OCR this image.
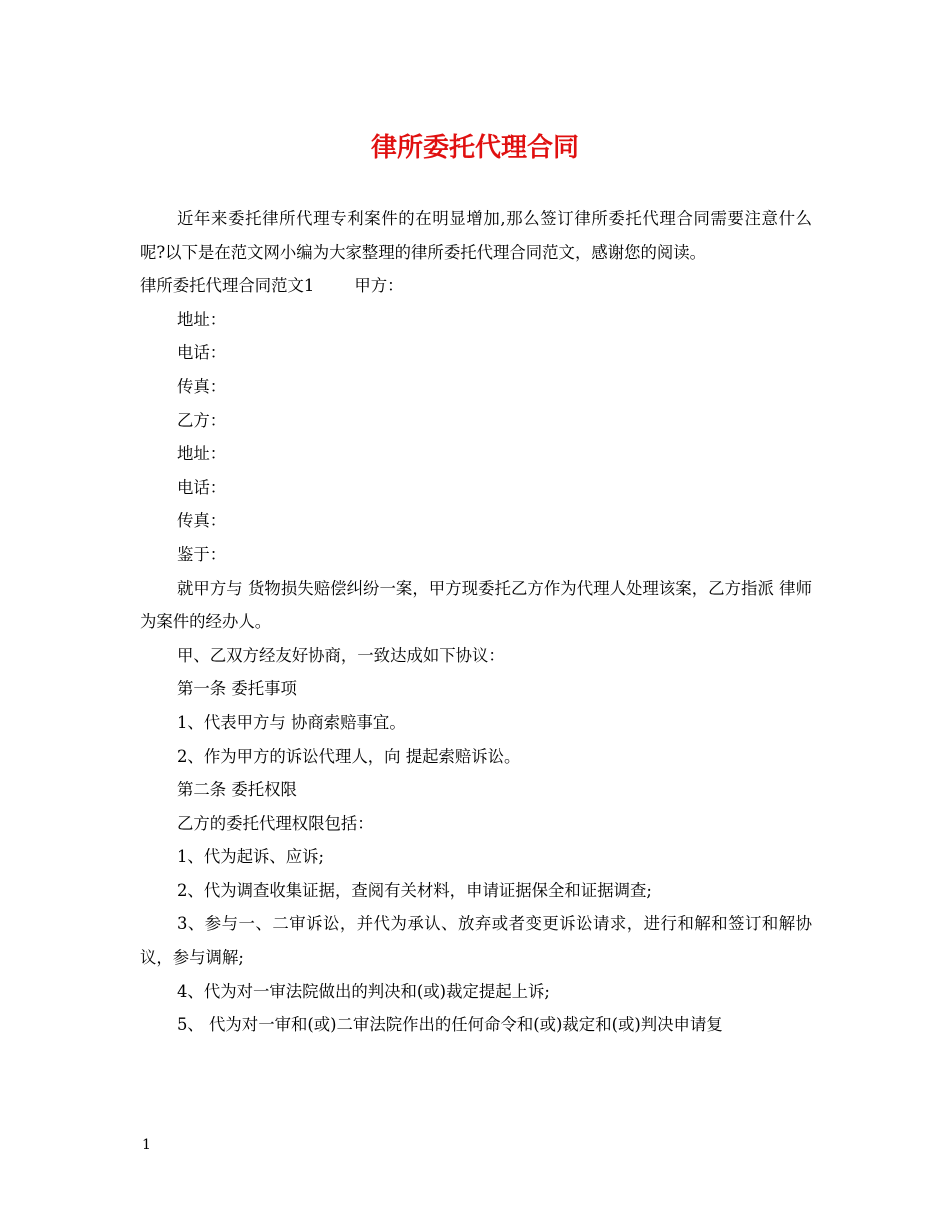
律所委托代理合同

近年来委托律所代理专利案件的在明显增加,那么签订律所委托代理合同需要注意什么呢?以下是在范文网小编为大家整理的律所委托代理合同范文，感谢您的阅读。

律所委托代理合同范文1 甲方：

地址：

电话：

传真：

乙方：

地址：

电话：

传真：

鉴于：

就甲方与 货物损失赔偿纠纷一案，甲方现委托乙方作为代理人处理该案，乙方指派 律师为案件的经办人。

甲、乙双方经友好协商，一致达成如下协议：

第一条 委托事项

1、代表甲方与 协商索赔事宜。

2、作为甲方的诉讼代理人，向 提起索赔诉讼。

第二条 委托权限

乙方的委托代理权限包括：

1、代为起诉、应诉;

2、代为调查收集证据，查阅有关材料，申请证据保全和证据调查;

3、参与一、二审诉讼，并代为承认、放弃或者变更诉讼请求，进行和解和签订和解协议，参与调解;

4、代为对一审法院做出的判决和(或)裁定提起上诉;

5、 代为对一审和(或)二审法院作出的任何命令和(或)裁定和(或)判决申请复

1
